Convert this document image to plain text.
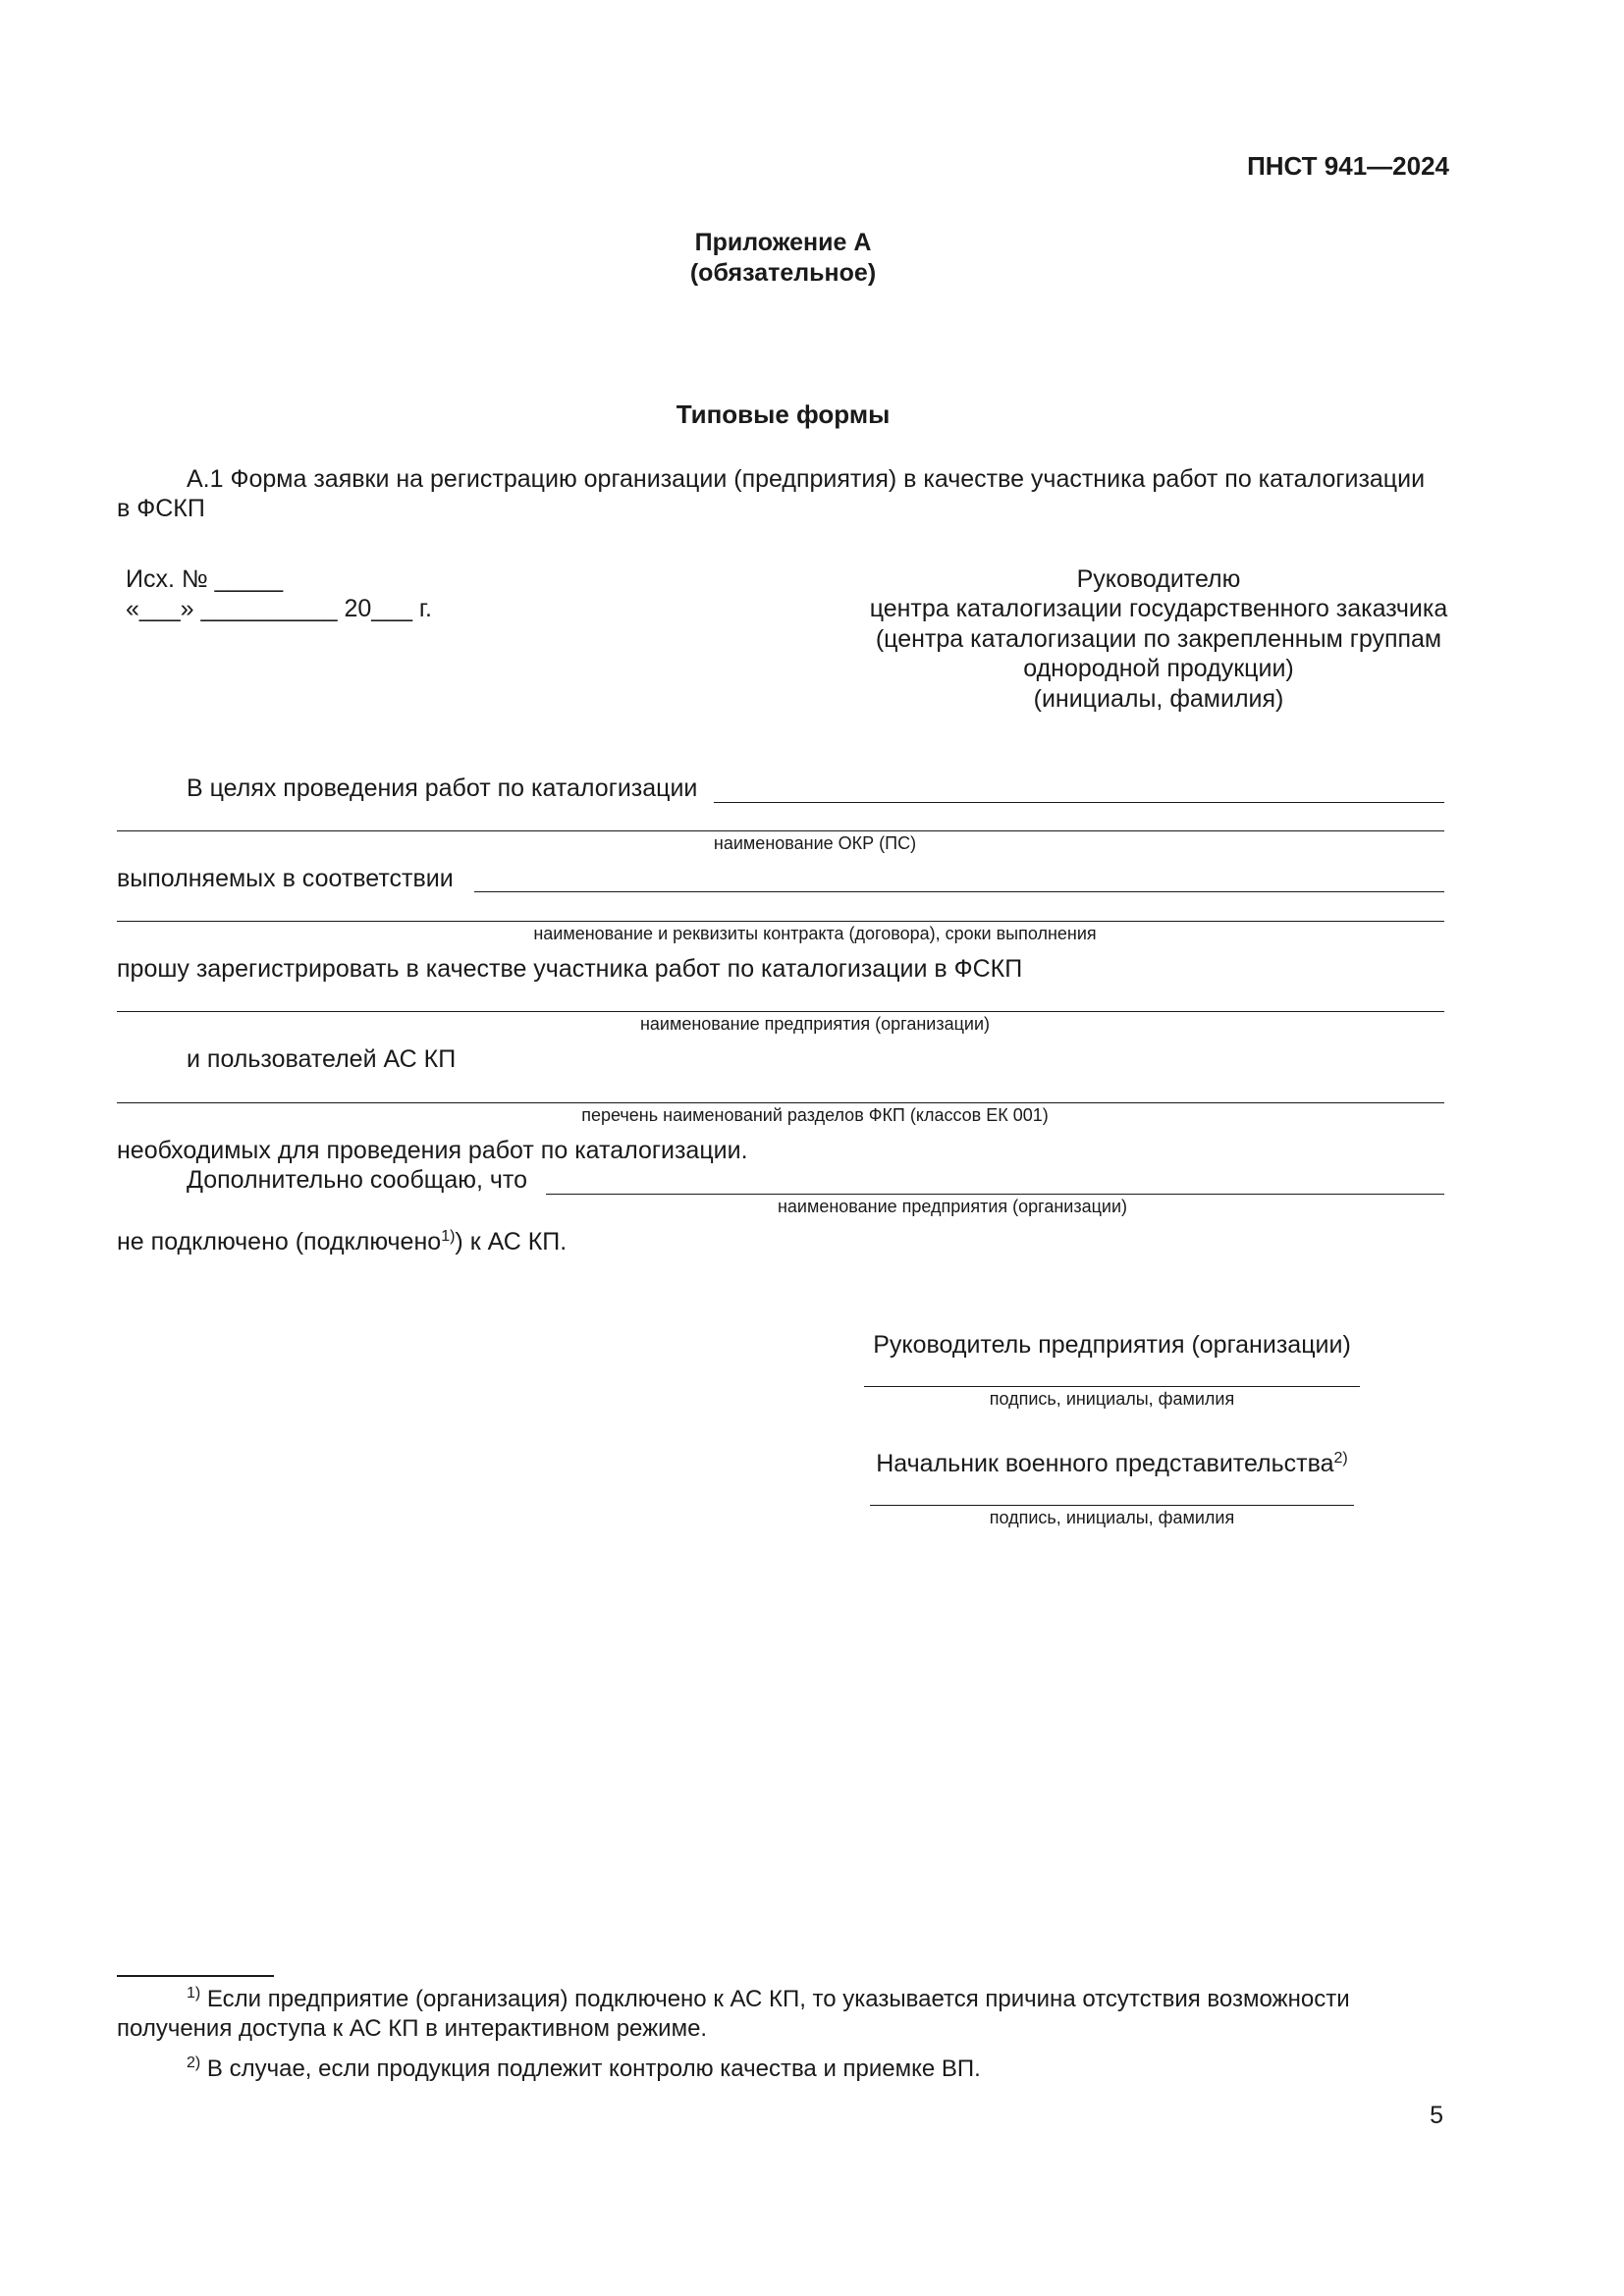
ПНСТ 941—2024
Приложение А
(обязательное)
Типовые формы
А.1 Форма заявки на регистрацию организации (предприятия) в качестве участника работ по каталогизации
в ФСКП
Исх. № _____
«___» __________ 20___ г.
Руководителю
центра каталогизации государственного заказчика
(центра каталогизации по закрепленным группам
однородной продукции)
(инициалы, фамилия)
В целях проведения работ по каталогизации
наименование ОКР (ПС)
выполняемых в соответствии
наименование и реквизиты контракта (договора), сроки выполнения
прошу зарегистрировать в качестве участника работ по каталогизации в ФСКП
наименование предприятия (организации)
и пользователей АС КП
перечень наименований разделов ФКП (классов ЕК 001)
необходимых для проведения работ по каталогизации.
Дополнительно сообщаю, что
наименование предприятия (организации)
не подключено (подключено$^{1)}$) к АС КП.
Руководитель предприятия (организации)
подпись, инициалы, фамилия
Начальник военного представительства$^{2)}$
подпись, инициалы, фамилия
$^{1)}$ Если предприятие (организация) подключено к АС КП, то указывается причина отсутствия возможности
получения доступа к АС КП в интерактивном режиме.
$^{2)}$ В случае, если продукция подлежит контролю качества и приемке ВП.
5
